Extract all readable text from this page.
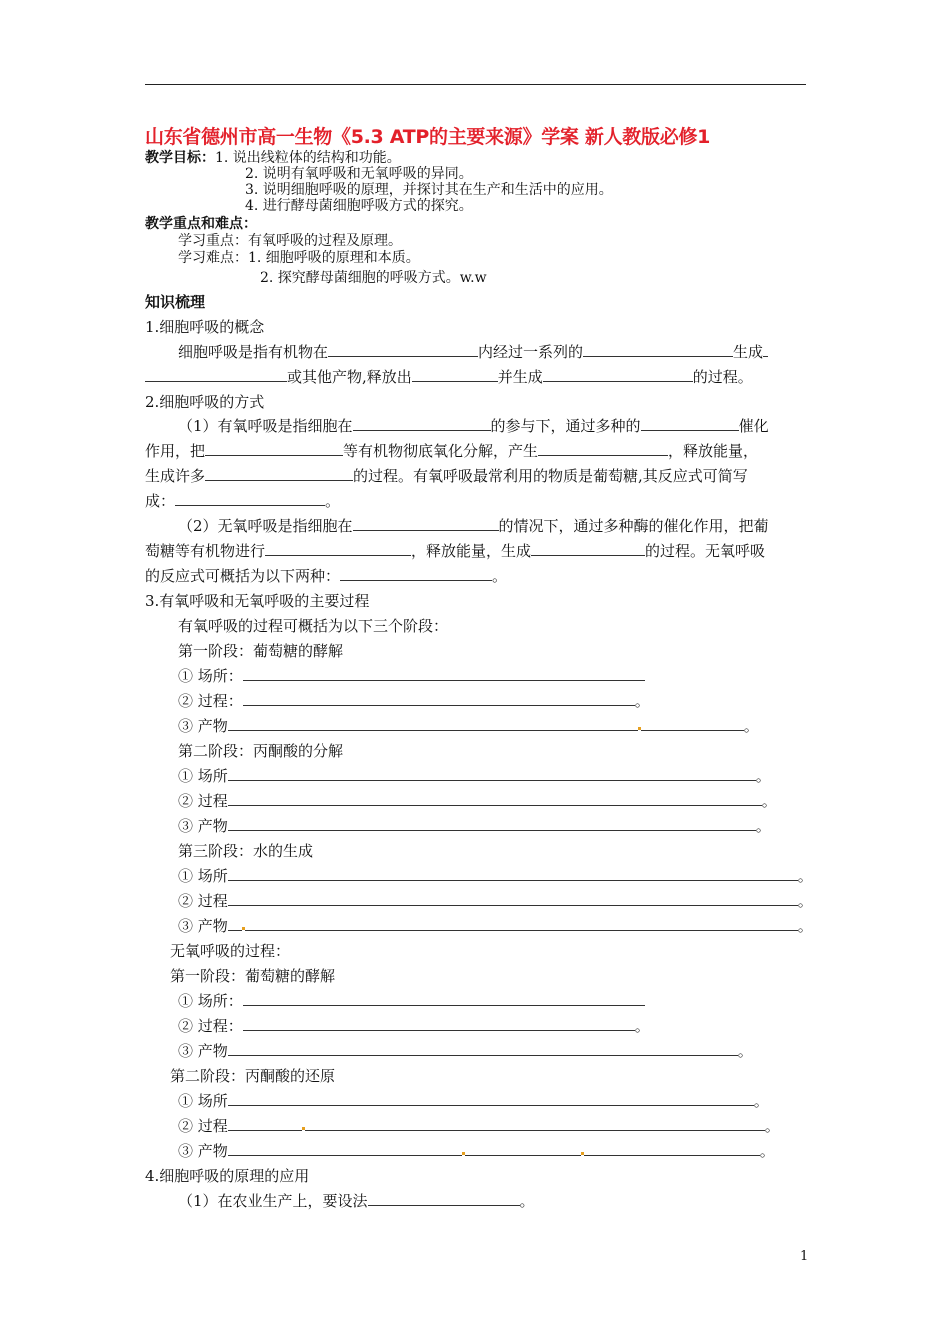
山东省德州市高一生物《5.3 ATP的主要来源》学案 新人教版必修1
教学目标：1. 说出线粒体的结构和功能。
2. 说明有氧呼吸和无氧呼吸的异同。
3. 说明细胞呼吸的原理，并探讨其在生产和生活中的应用。
4. 进行酵母菌细胞呼吸方式的探究。
教学重点和难点：
学习重点：有氧呼吸的过程及原理。
学习难点：1. 细胞呼吸的原理和本质。
2. 探究酵母菌细胞的呼吸方式。w.w
知识梳理
1.细胞呼吸的概念
细胞呼吸是指有机物在	内经过一系列的	生成
或其他产物,释放出	并生成	的过程。
2.细胞呼吸的方式
（1）有氧呼吸是指细胞在	的参与下，通过多种的	催化
作用，把	等有机物彻底氧化分解，产生	，释放能量，
生成许多	的过程。有氧呼吸最常利用的物质是葡萄糖,其反应式可简写
成：	。
（2）无氧呼吸是指细胞在	的情况下，通过多种酶的催化作用，把葡
萄糖等有机物进行	，释放能量，生成	的过程。无氧呼吸
的反应式可概括为以下两种：	。
3.有氧呼吸和无氧呼吸的主要过程
有氧呼吸的过程可概括为以下三个阶段：
第一阶段：葡萄糖的酵解
① 场所：
② 过程：	。
③ 产物	。
第二阶段：丙酮酸的分解
① 场所	。
② 过程	。
③ 产物	。
第三阶段：水的生成
① 场所	。
② 过程	。
③ 产物	。
无氧呼吸的过程：
第一阶段：葡萄糖的酵解
① 场所：
② 过程：	。
③ 产物	。
第二阶段：丙酮酸的还原
① 场所	。
② 过程	。
③ 产物	。
4.细胞呼吸的原理的应用
（1）在农业生产上，要设法	。
1
